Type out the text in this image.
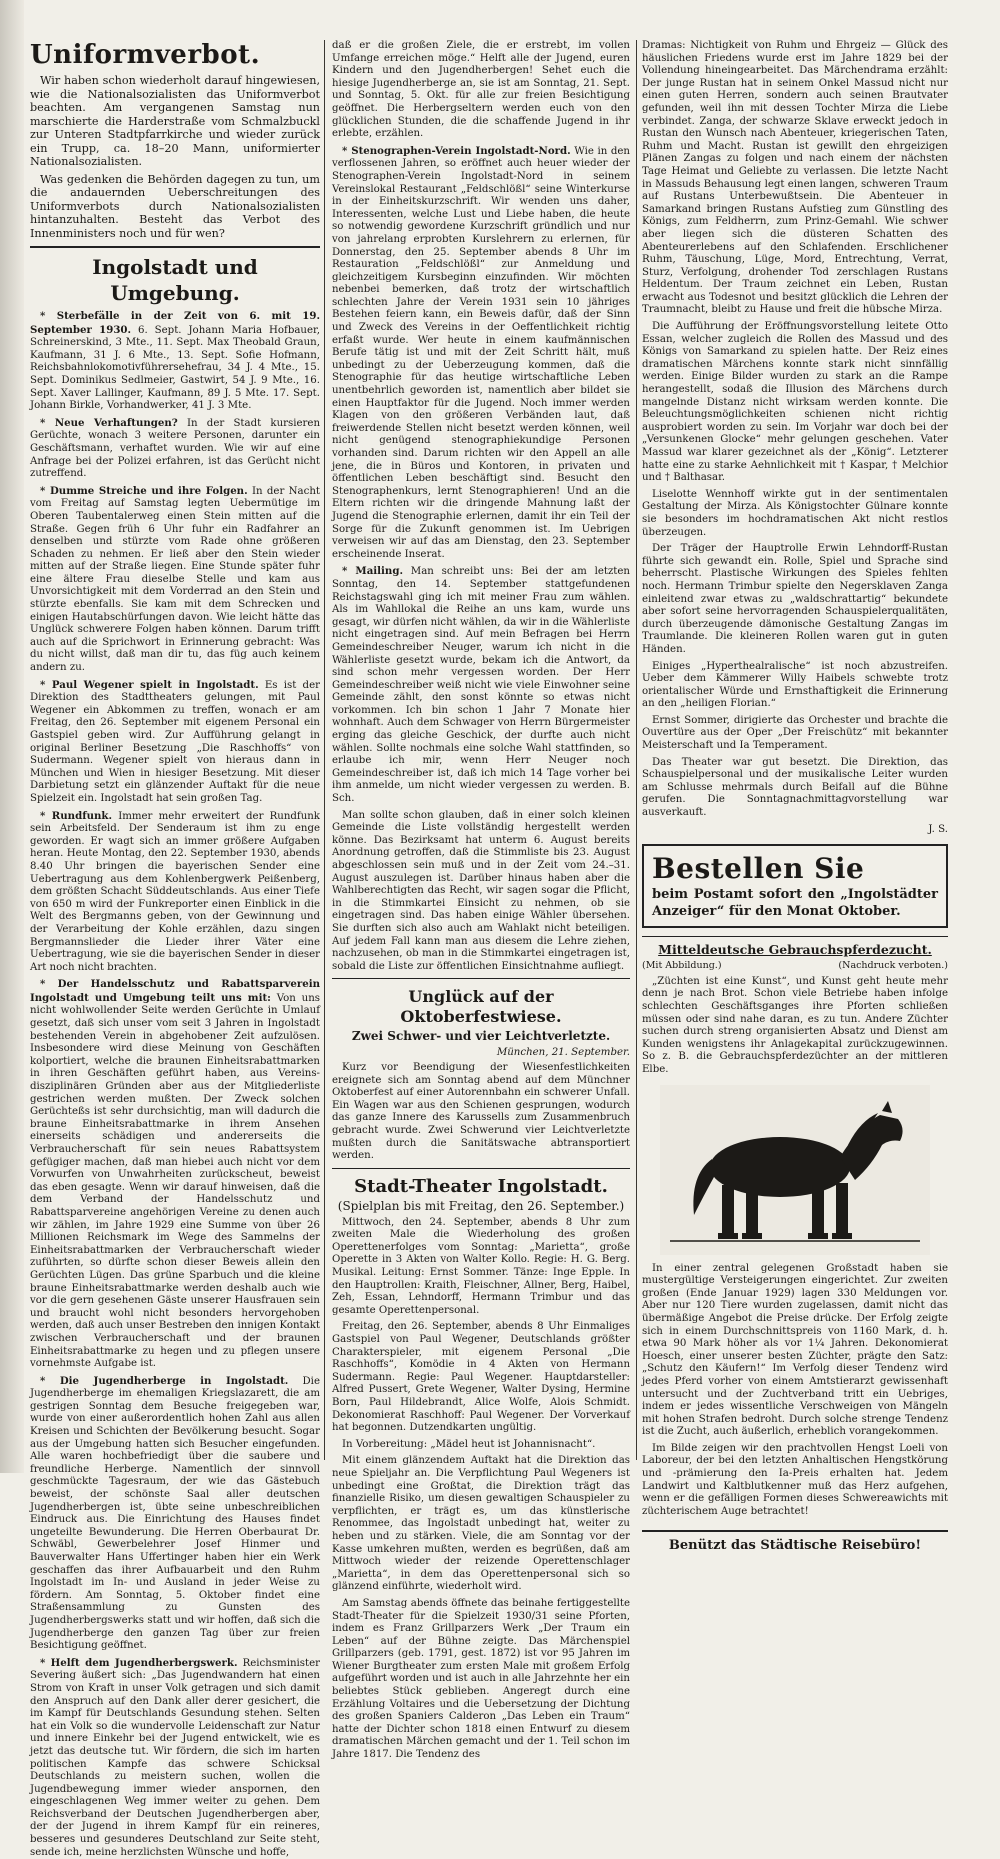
Uniformverbot.

Wir haben schon wiederholt darauf hingewiesen, wie die Nationalsozialisten das Uniformverbot beachten. Am vergangenen Samstag nun marschierte die Harderstraße vom Schmalzbuckl zur Unteren Stadtpfarrkirche und wieder zurück ein Trupp, ca. 18–20 Mann, uniformierter Nationalsozialisten.

Was gedenken die Behörden dagegen zu tun, um die andauernden Ueberschreitungen des Uniformverbots durch Nationalsozialisten hintanzuhalten. Besteht das Verbot des Innenministers noch und für wen?

Ingolstadt und Umgebung.

* Sterbefälle in der Zeit von 6. mit 19. September 1930. 6. Sept. Johann Maria Hofbauer, Schreinerskind, 3 Mte., 11. Sept. Max Theobald Graun, Kaufmann, 31 J. 6 Mte., 13. Sept. Sofie Hofmann, Reichsbahnlokomotivführersehefrau, 34 J. 4 Mte., 15. Sept. Dominikus Sedlmeier, Gastwirt, 54 J. 9 Mte., 16. Sept. Xaver Lallinger, Kaufmann, 89 J. 5 Mte. 17. Sept. Johann Birkle, Vorhandwerker, 41 J. 3 Mte.

* Neue Verhaftungen? In der Stadt kursieren Gerüchte, wonach 3 weitere Personen, darunter ein Geschäftsmann, verhaftet wurden. Wie wir auf eine Anfrage bei der Polizei erfahren, ist das Gerücht nicht zutreffend.

* Dumme Streiche und ihre Folgen. In der Nacht vom Freitag auf Samstag legten Uebermütige im Oberen Taubentalerweg einen Stein mitten auf die Straße. Gegen früh 6 Uhr fuhr ein Radfahrer an denselben und stürzte vom Rade ohne größeren Schaden zu nehmen. Er ließ aber den Stein wieder mitten auf der Straße liegen. Eine Stunde später fuhr eine ältere Frau dieselbe Stelle und kam aus Unvorsichtigkeit mit dem Vorderrad an den Stein und stürzte ebenfalls. Sie kam mit dem Schrecken und einigen Hautabschürfungen davon. Wie leicht hätte das Unglück schwerere Folgen haben können. Darum trifft auch auf die Sprichwort in Erinnerung gebracht: Was du nicht willst, daß man dir tu, das füg auch keinem andern zu.

* Paul Wegener spielt in Ingolstadt. Es ist der Direktion des Stadttheaters gelungen, mit Paul Wegener ein Abkommen zu treffen, wonach er am Freitag, den 26. September mit eigenem Personal ein Gastspiel geben wird. Zur Aufführung gelangt in original Berliner Besetzung „Die Raschhoffs“ von Sudermann. Wegener spielt von hieraus dann in München und Wien in hiesiger Besetzung. Mit dieser Darbietung setzt ein glänzender Auftakt für die neue Spielzeit ein. Ingolstadt hat sein großen Tag.

* Rundfunk. Immer mehr erweitert der Rundfunk sein Arbeitsfeld. Der Senderaum ist ihm zu enge geworden. Er wagt sich an immer größere Aufgaben heran. Heute Montag, den 22. September 1930, abends 8.40 Uhr bringen die bayerischen Sender eine Uebertragung aus dem Kohlenbergwerk Peißenberg, dem größten Schacht Süddeutschlands. Aus einer Tiefe von 650 m wird der Funkreporter einen Einblick in die Welt des Bergmanns geben, von der Gewinnung und der Verarbeitung der Kohle erzählen, dazu singen Bergmannslieder die Lieder ihrer Väter eine Uebertragung, wie sie die bayerischen Sender in dieser Art noch nicht brachten.

* Der Handelsschutz und Rabattsparverein Ingolstadt und Umgebung teilt uns mit: Von uns nicht wohlwollender Seite werden Gerüchte in Umlauf gesetzt, daß sich unser vom seit 3 Jahren in Ingolstadt bestehenden Verein in abgehobener Zeit aufzulösen. Insbesondere wird diese Meinung von Geschäften kolportiert, welche die braunen Einheitsrabattmarken in ihren Geschäften geführt haben, aus Vereins-disziplinären Gründen aber aus der Mitgliederliste gestrichen werden mußten. Der Zweck solchen Gerüchteßs ist sehr durchsichtig, man will dadurch die braune Einheitsrabattmarke in ihrem Ansehen einerseits schädigen und andererseits die Verbraucherschaft für sein neues Rabattsystem gefügiger machen, daß man hiebei auch nicht vor dem Vorwurfen von Unwahrheiten zurückscheut, beweist das eben gesagte. Wenn wir darauf hinweisen, daß die dem Verband der Handelsschutz und Rabattsparvereine angehörigen Vereine zu denen auch wir zählen, im Jahre 1929 eine Summe von über 26 Millionen Reichsmark im Wege des Sammelns der Einheitsrabattmarken der Verbraucherschaft wieder zuführten, so dürfte schon dieser Beweis allein den Gerüchten Lügen. Das grüne Sparbuch und die kleine braune Einheitsrabattmarke werden deshalb auch wie vor die gern gesehenen Gäste unserer Hausfrauen sein und braucht wohl nicht besonders hervorgehoben werden, daß auch unser Bestreben den innigen Kontakt zwischen Verbraucherschaft und der braunen Einheitsrabattmarke zu hegen und zu pflegen unsere vornehmste Aufgabe ist.

* Die Jugendherberge in Ingolstadt. Die Jugendherberge im ehemaligen Kriegslazarett, die am gestrigen Sonntag dem Besuche freigegeben war, wurde von einer außerordentlich hohen Zahl aus allen Kreisen und Schichten der Bevölkerung besucht. Sogar aus der Umgebung hatten sich Besucher eingefunden. Alle waren hochbefriedigt über die saubere und freundliche Herberge. Namentlich der sinnvoll geschmückte Tagesraum, der wie das Gästebuch beweist, der schönste Saal aller deutschen Jugendherbergen ist, übte seine unbeschreiblichen Eindruck aus. Die Einrichtung des Hauses findet ungeteilte Bewunderung. Die Herren Oberbaurat Dr. Schwäbl, Gewerbelehrer Josef Hinmer und Bauverwalter Hans Uffertinger haben hier ein Werk geschaffen das ihrer Aufbauarbeit und den Ruhm Ingolstadt im In- und Ausland in jeder Weise zu fördern. Am Sonntag, 5. Oktober findet eine Straßensammlung zu Gunsten des Jugendherbergswerks statt und wir hoffen, daß sich die Jugendherberge den ganzen Tag über zur freien Besichtigung geöffnet.

* Helft dem Jugendherbergswerk. Reichsminister Severing äußert sich: „Das Jugendwandern hat einen Strom von Kraft in unser Volk getragen und sich damit den Anspruch auf den Dank aller derer gesichert, die im Kampf für Deutschlands Gesundung stehen. Selten hat ein Volk so die wundervolle Leidenschaft zur Natur und innere Einkehr bei der Jugend entwickelt, wie es jetzt das deutsche tut. Wir fördern, die sich im harten politischen Kampfe das schwere Schicksal Deutschlands zu meistern suchen, wollen die Jugendbewegung immer wieder anspornen, den eingeschlagenen Weg immer weiter zu gehen. Dem Reichsverband der Deutschen Jugendherbergen aber, der der Jugend in ihrem Kampf für ein reineres, besseres und gesunderes Deutschland zur Seite steht, sende ich, meine herzlichsten Wünsche und hoffe,

daß er die großen Ziele, die er erstrebt, im vollen Umfange erreichen möge.“ Helft alle der Jugend, euren Kindern und den Jugendherbergen! Sehet euch die hiesige Jugendherberge an, sie ist am Sonntag, 21. Sept. und Sonntag, 5. Okt. für alle zur freien Besichtigung geöffnet. Die Herbergseltern werden euch von den glücklichen Stunden, die die schaffende Jugend in ihr erlebte, erzählen.

* Stenographen-Verein Ingolstadt-Nord. Wie in den verflossenen Jahren, so eröffnet auch heuer wieder der Stenographen-Verein Ingolstadt-Nord in seinem Vereinslokal Restaurant „Feldschlößl“ seine Winterkurse in der Einheitskurzschrift. Wir wenden uns daher, Interessenten, welche Lust und Liebe haben, die heute so notwendig gewordene Kurzschrift gründlich und nur von jahrelang erprobten Kurslehrern zu erlernen, für Donnerstag, den 25. September abends 8 Uhr im Restauration „Feldschlößl“ zur Anmeldung und gleichzeitigem Kursbeginn einzufinden. Wir möchten nebenbei bemerken, daß trotz der wirtschaftlich schlechten Jahre der Verein 1931 sein 10 jähriges Bestehen feiern kann, ein Beweis dafür, daß der Sinn und Zweck des Vereins in der Oeffentlichkeit richtig erfaßt wurde. Wer heute in einem kaufmännischen Berufe tätig ist und mit der Zeit Schritt hält, muß unbedingt zu der Ueberzeugung kommen, daß die Stenographie für das heutige wirtschaftliche Leben unentbehrlich geworden ist, namentlich aber bildet sie einen Hauptfaktor für die Jugend. Noch immer werden Klagen von den größeren Verbänden laut, daß freiwerdende Stellen nicht besetzt werden können, weil nicht genügend stenographiekundige Personen vorhanden sind. Darum richten wir den Appell an alle jene, die in Büros und Kontoren, in privaten und öffentlichen Leben beschäftigt sind. Besucht den Stenographenkurs, lernt Stenographieren! Und an die Eltern richten wir die dringende Mahnung laßt der Jugend die Stenographie erlernen, damit ihr ein Teil der Sorge für die Zukunft genommen ist. Im Uebrigen verweisen wir auf das am Dienstag, den 23. September erscheinende Inserat.

* Mailing. Man schreibt uns: Bei der am letzten Sonntag, den 14. September stattgefundenen Reichstagswahl ging ich mit meiner Frau zum wählen. Als im Wahllokal die Reihe an uns kam, wurde uns gesagt, wir dürfen nicht wählen, da wir in die Wählerliste nicht eingetragen sind. Auf mein Befragen bei Herrn Gemeindeschreiber Neuger, warum ich nicht in die Wählerliste gesetzt wurde, bekam ich die Antwort, da sind schon mehr vergessen worden. Der Herr Gemeindeschreiber weiß nicht wie viele Einwohner seine Gemeinde zählt, den sonst könnte so etwas nicht vorkommen. Ich bin schon 1 Jahr 7 Monate hier wohnhaft. Auch dem Schwager von Herrn Bürgermeister erging das gleiche Geschick, der durfte auch nicht wählen. Sollte nochmals eine solche Wahl stattfinden, so erlaube ich mir, wenn Herr Neuger noch Gemeindeschreiber ist, daß ich mich 14 Tage vorher bei ihm anmelde, um nicht wieder vergessen zu werden. B. Sch.

Man sollte schon glauben, daß in einer solch kleinen Gemeinde die Liste vollständig hergestellt werden könne. Das Bezirksamt hat unterm 6. August bereits Anordnung getroffen, daß die Stimmliste bis 23. August abgeschlossen sein muß und in der Zeit vom 24.–31. August auszulegen ist. Darüber hinaus haben aber die Wahlberechtigten das Recht, wir sagen sogar die Pflicht, in die Stimmkartei Einsicht zu nehmen, ob sie eingetragen sind. Das haben einige Wähler übersehen. Sie durften sich also auch am Wahlakt nicht beteiligen. Auf jedem Fall kann man aus diesem die Lehre ziehen, nachzusehen, ob man in die Stimmkartei eingetragen ist, sobald die Liste zur öffentlichen Einsichtnahme aufliegt.

Unglück auf der Oktoberfestwiese.
Zwei Schwer- und vier Leichtverletzte.
München, 21. September.

Kurz vor Beendigung der Wiesenfestlichkeiten ereignete sich am Sonntag abend auf dem Münchner Oktoberfest auf einer Autorennbahn ein schwerer Unfall. Ein Wagen war aus den Schienen gesprungen, wodurch das ganze Innere des Karussells zum Zusammenbruch gebracht wurde. Zwei Schwerund vier Leichtverletzte mußten durch die Sanitätswache abtransportiert werden.

Stadt-Theater Ingolstadt.
(Spielplan bis mit Freitag, den 26. September.)

Mittwoch, den 24. September, abends 8 Uhr zum zweiten Male die Wiederholung des großen Operettenerfolges vom Sonntag: „Marietta“, große Operette in 3 Akten von Walter Kollo. Regie: H. G. Berg. Musikal. Leitung: Ernst Sommer. Tänze: Inge Epple. In den Hauptrollen: Kraith, Fleischner, Allner, Berg, Haibel, Zeh, Essan, Lehndorff, Hermann Trimbur und das gesamte Operettenpersonal.

Freitag, den 26. September, abends 8 Uhr Einmaliges Gastspiel von Paul Wegener, Deutschlands größter Charakterspieler, mit eigenem Personal „Die Raschhoffs“, Komödie in 4 Akten von Hermann Sudermann. Regie: Paul Wegener. Hauptdarsteller: Alfred Pussert, Grete Wegener, Walter Dysing, Hermine Born, Paul Hildebrandt, Alice Wolfe, Alois Schmidt. Dekonomierat Raschhoff: Paul Wegener. Der Vorverkauf hat begonnen. Dutzendkarten ungültig.

In Vorbereitung: „Mädel heut ist Johannisnacht“.

Mit einem glänzendem Auftakt hat die Direktion das neue Spieljahr an. Die Verpflichtung Paul Wegeners ist unbedingt eine Großtat, die Direktion trägt das finanzielle Risiko, um diesen gewaltigen Schauspieler zu verpflichten, er trägt es, um das künstlerische Renommee, das Ingolstadt unbedingt hat, weiter zu heben und zu stärken. Viele, die am Sonntag vor der Kasse umkehren mußten, werden es begrüßen, daß am Mittwoch wieder der reizende Operettenschlager „Marietta“, in dem das Operettenpersonal sich so glänzend einführte, wiederholt wird.

Am Samstag abends öffnete das beinahe fertiggestellte Stadt-Theater für die Spielzeit 1930/31 seine Pforten, indem es Franz Grillparzers Werk „Der Traum ein Leben“ auf der Bühne zeigte. Das Märchenspiel Grillparzers (geb. 1791, gest. 1872) ist vor 95 Jahren im Wiener Burgtheater zum ersten Male mit großem Erfolg aufgeführt worden und ist auch in alle Jahrzehnte her ein beliebtes Stück geblieben. Angeregt durch eine Erzählung Voltaires und die Uebersetzung der Dichtung des großen Spaniers Calderon „Das Leben ein Traum“ hatte der Dichter schon 1818 einen Entwurf zu diesem dramatischen Märchen gemacht und der 1. Teil schon im Jahre 1817. Die Tendenz des

Dramas: Nichtigkeit von Ruhm und Ehrgeiz — Glück des häuslichen Friedens wurde erst im Jahre 1829 bei der Vollendung hineingearbeitet. Das Märchendrama erzählt: Der junge Rustan hat in seinem Onkel Massud nicht nur einen guten Herren, sondern auch seinen Brautvater gefunden, weil ihn mit dessen Tochter Mirza die Liebe verbindet. Zanga, der schwarze Sklave erweckt jedoch in Rustan den Wunsch nach Abenteuer, kriegerischen Taten, Ruhm und Macht. Rustan ist gewillt den ehrgeizigen Plänen Zangas zu folgen und nach einem der nächsten Tage Heimat und Geliebte zu verlassen. Die letzte Nacht in Massuds Behausung legt einen langen, schweren Traum auf Rustans Unterbewußtsein. Die Abenteuer in Samarkand bringen Rustans Aufstieg zum Günstling des Königs, zum Feldherrn, zum Prinz-Gemahl. Wie schwer aber liegen sich die düsteren Schatten des Abenteurerlebens auf den Schlafenden. Erschlichener Ruhm, Täuschung, Lüge, Mord, Entrechtung, Verrat, Sturz, Verfolgung, drohender Tod zerschlagen Rustans Heldentum. Der Traum zeichnet ein Leben, Rustan erwacht aus Todesnot und besitzt glücklich die Lehren der Traumnacht, bleibt zu Hause und freit die hübsche Mirza.

Die Aufführung der Eröffnungsvorstellung leitete Otto Essan, welcher zugleich die Rollen des Massud und des Königs von Samarkand zu spielen hatte. Der Reiz eines dramatischen Märchens konnte stark nicht sinnfällig werden. Einige Bilder wurden zu stark an die Rampe herangestellt, sodaß die Illusion des Märchens durch mangelnde Distanz nicht wirksam werden konnte. Die Beleuchtungsmöglichkeiten schienen nicht richtig ausprobiert worden zu sein. Im Vorjahr war doch bei der „Versunkenen Glocke“ mehr gelungen geschehen. Vater Massud war klarer gezeichnet als der „König“. Letzterer hatte eine zu starke Aehnlichkeit mit † Kaspar, † Melchior und † Balthasar.

Liselotte Wennhoff wirkte gut in der sentimentalen Gestaltung der Mirza. Als Königstochter Gülnare konnte sie besonders im hochdramatischen Akt nicht restlos überzeugen.

Der Träger der Hauptrolle Erwin Lehndorff-Rustan führte sich gewandt ein. Rolle, Spiel und Sprache sind beherrscht. Plastische Wirkungen des Spieles fehlten noch. Hermann Trimbur spielte den Negersklaven Zanga einleitend zwar etwas zu „waldschrattartig“ bekundete aber sofort seine hervorragenden Schauspielerqualitäten, durch überzeugende dämonische Gestaltung Zangas im Traumlande. Die kleineren Rollen waren gut in guten Händen.

Einiges „Hyperthealralische“ ist noch abzustreifen. Ueber dem Kämmerer Willy Haibels schwebte trotz orientalischer Würde und Ernsthaftigkeit die Erinnerung an den „heiligen Florian.“

Ernst Sommer, dirigierte das Orchester und brachte die Ouvertüre aus der Oper „Der Freischütz“ mit bekannter Meisterschaft und Ia Temperament.

Das Theater war gut besetzt. Die Direktion, das Schauspielpersonal und der musikalische Leiter wurden am Schlusse mehrmals durch Beifall auf die Bühne gerufen. Die Sonntagnachmittagvorstellung war ausverkauft.

J. S.
Bestellen Sie
beim Postamt sofort den „Ingolstädter Anzeiger“ für den Monat Oktober.
Mitteldeutsche Gebrauchspferdezucht.
(Mit Abbildung.)	(Nachdruck verboten.)

„Züchten ist eine Kunst“, und Kunst geht heute mehr denn je nach Brot. Schon viele Betriebe haben infolge schlechten Geschäftsganges ihre Pforten schließen müssen oder sind nahe daran, es zu tun. Andere Züchter suchen durch streng organisierten Absatz und Dienst am Kunden wenigstens ihr Anlagekapital zurückzugewinnen. So z. B. die Gebrauchspferdezüchter an der mittleren Elbe.

In einer zentral gelegenen Großstadt haben sie mustergültige Versteigerungen eingerichtet. Zur zweiten großen (Ende Januar 1929) lagen 330 Meldungen vor. Aber nur 120 Tiere wurden zugelassen, damit nicht das übermäßige Angebot die Preise drücke. Der Erfolg zeigte sich in einem Durchschnittspreis von 1160 Mark, d. h. etwa 90 Mark höher als vor 1¼ Jahren. Dekonomierat Hoesch, einer unserer besten Züchter, prägte den Satz: „Schutz den Käufern!“ Im Verfolg dieser Tendenz wird jedes Pferd vorher von einem Amtstierarzt gewissenhaft untersucht und der Zuchtverband tritt ein Uebriges, indem er jedes wissentliche Verschweigen von Mängeln mit hohen Strafen bedroht. Durch solche strenge Tendenz ist die Zucht, auch äußerlich, erheblich vorangekommen.

Im Bilde zeigen wir den prachtvollen Hengst Loeli von Laboreur, der bei den letzten Anhaltischen Hengstkörung und -prämierung den Ia-Preis erhalten hat. Jedem Landwirt und Kaltblutkenner muß das Herz aufgehen, wenn er die gefälligen Formen dieses Schwereawichts mit züchterischem Auge betrachtet!

Benützt das Städtische Reisebüro!
